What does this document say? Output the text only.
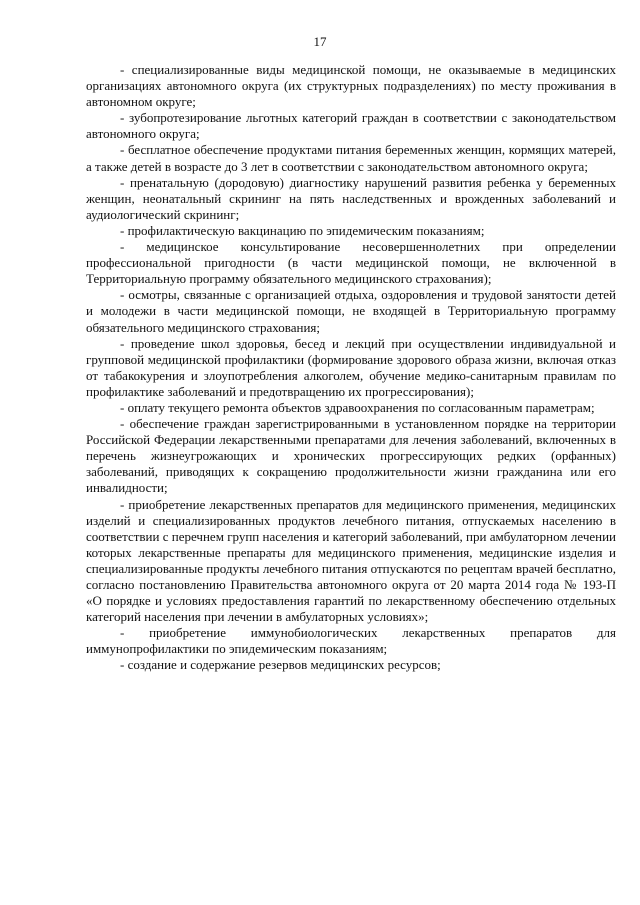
17

- специализированные виды медицинской помощи, не оказываемые в медицинских организациях автономного округа (их структурных подразделениях) по месту проживания в автономном округе;

- зубопротезирование льготных категорий граждан в соответствии с законодательством автономного округа;

- бесплатное обеспечение продуктами питания беременных женщин, кормящих матерей, а также детей в возрасте до 3 лет в соответствии с законодательством автономного округа;

- пренатальную (дородовую) диагностику нарушений развития ребенка у беременных женщин, неонатальный скрининг на пять наследственных и врожденных заболеваний и аудиологический скрининг;

- профилактическую вакцинацию по эпидемическим показаниям;

- медицинское консультирование несовершеннолетних при определении профессиональной пригодности (в части медицинской помощи, не включенной в Территориальную программу обязательного медицинского страхования);

- осмотры, связанные с организацией отдыха, оздоровления и трудовой занятости детей и молодежи в части медицинской помощи, не входящей в Территориальную программу обязательного медицинского страхования;

- проведение школ здоровья, бесед и лекций при осуществлении индивидуальной и групповой медицинской профилактики (формирование здорового образа жизни, включая отказ от табакокурения и злоупотребления алкоголем, обучение медико-санитарным правилам по профилактике заболеваний и предотвращению их прогрессирования);

- оплату текущего ремонта объектов здравоохранения по согласованным параметрам;

- обеспечение граждан зарегистрированными в установленном порядке на территории Российской Федерации лекарственными препаратами для лечения заболеваний, включенных в перечень жизнеугрожающих и хронических прогрессирующих редких (орфанных) заболеваний, приводящих к сокращению продолжительности жизни гражданина или его инвалидности;

- приобретение лекарственных препаратов для медицинского применения, медицинских изделий и специализированных продуктов лечебного питания, отпускаемых населению в соответствии с перечнем групп населения и категорий заболеваний, при амбулаторном лечении которых лекарственные препараты для медицинского применения, медицинские изделия и специализированные продукты лечебного питания отпускаются по рецептам врачей бесплатно, согласно постановлению Правительства автономного округа от 20 марта 2014 года № 193-П «О порядке и условиях предоставления гарантий по лекарственному обеспечению отдельных категорий населения при лечении в амбулаторных условиях»;

- приобретение иммунобиологических лекарственных препаратов для иммунопрофилактики по эпидемическим показаниям;

- создание и содержание резервов медицинских ресурсов;
